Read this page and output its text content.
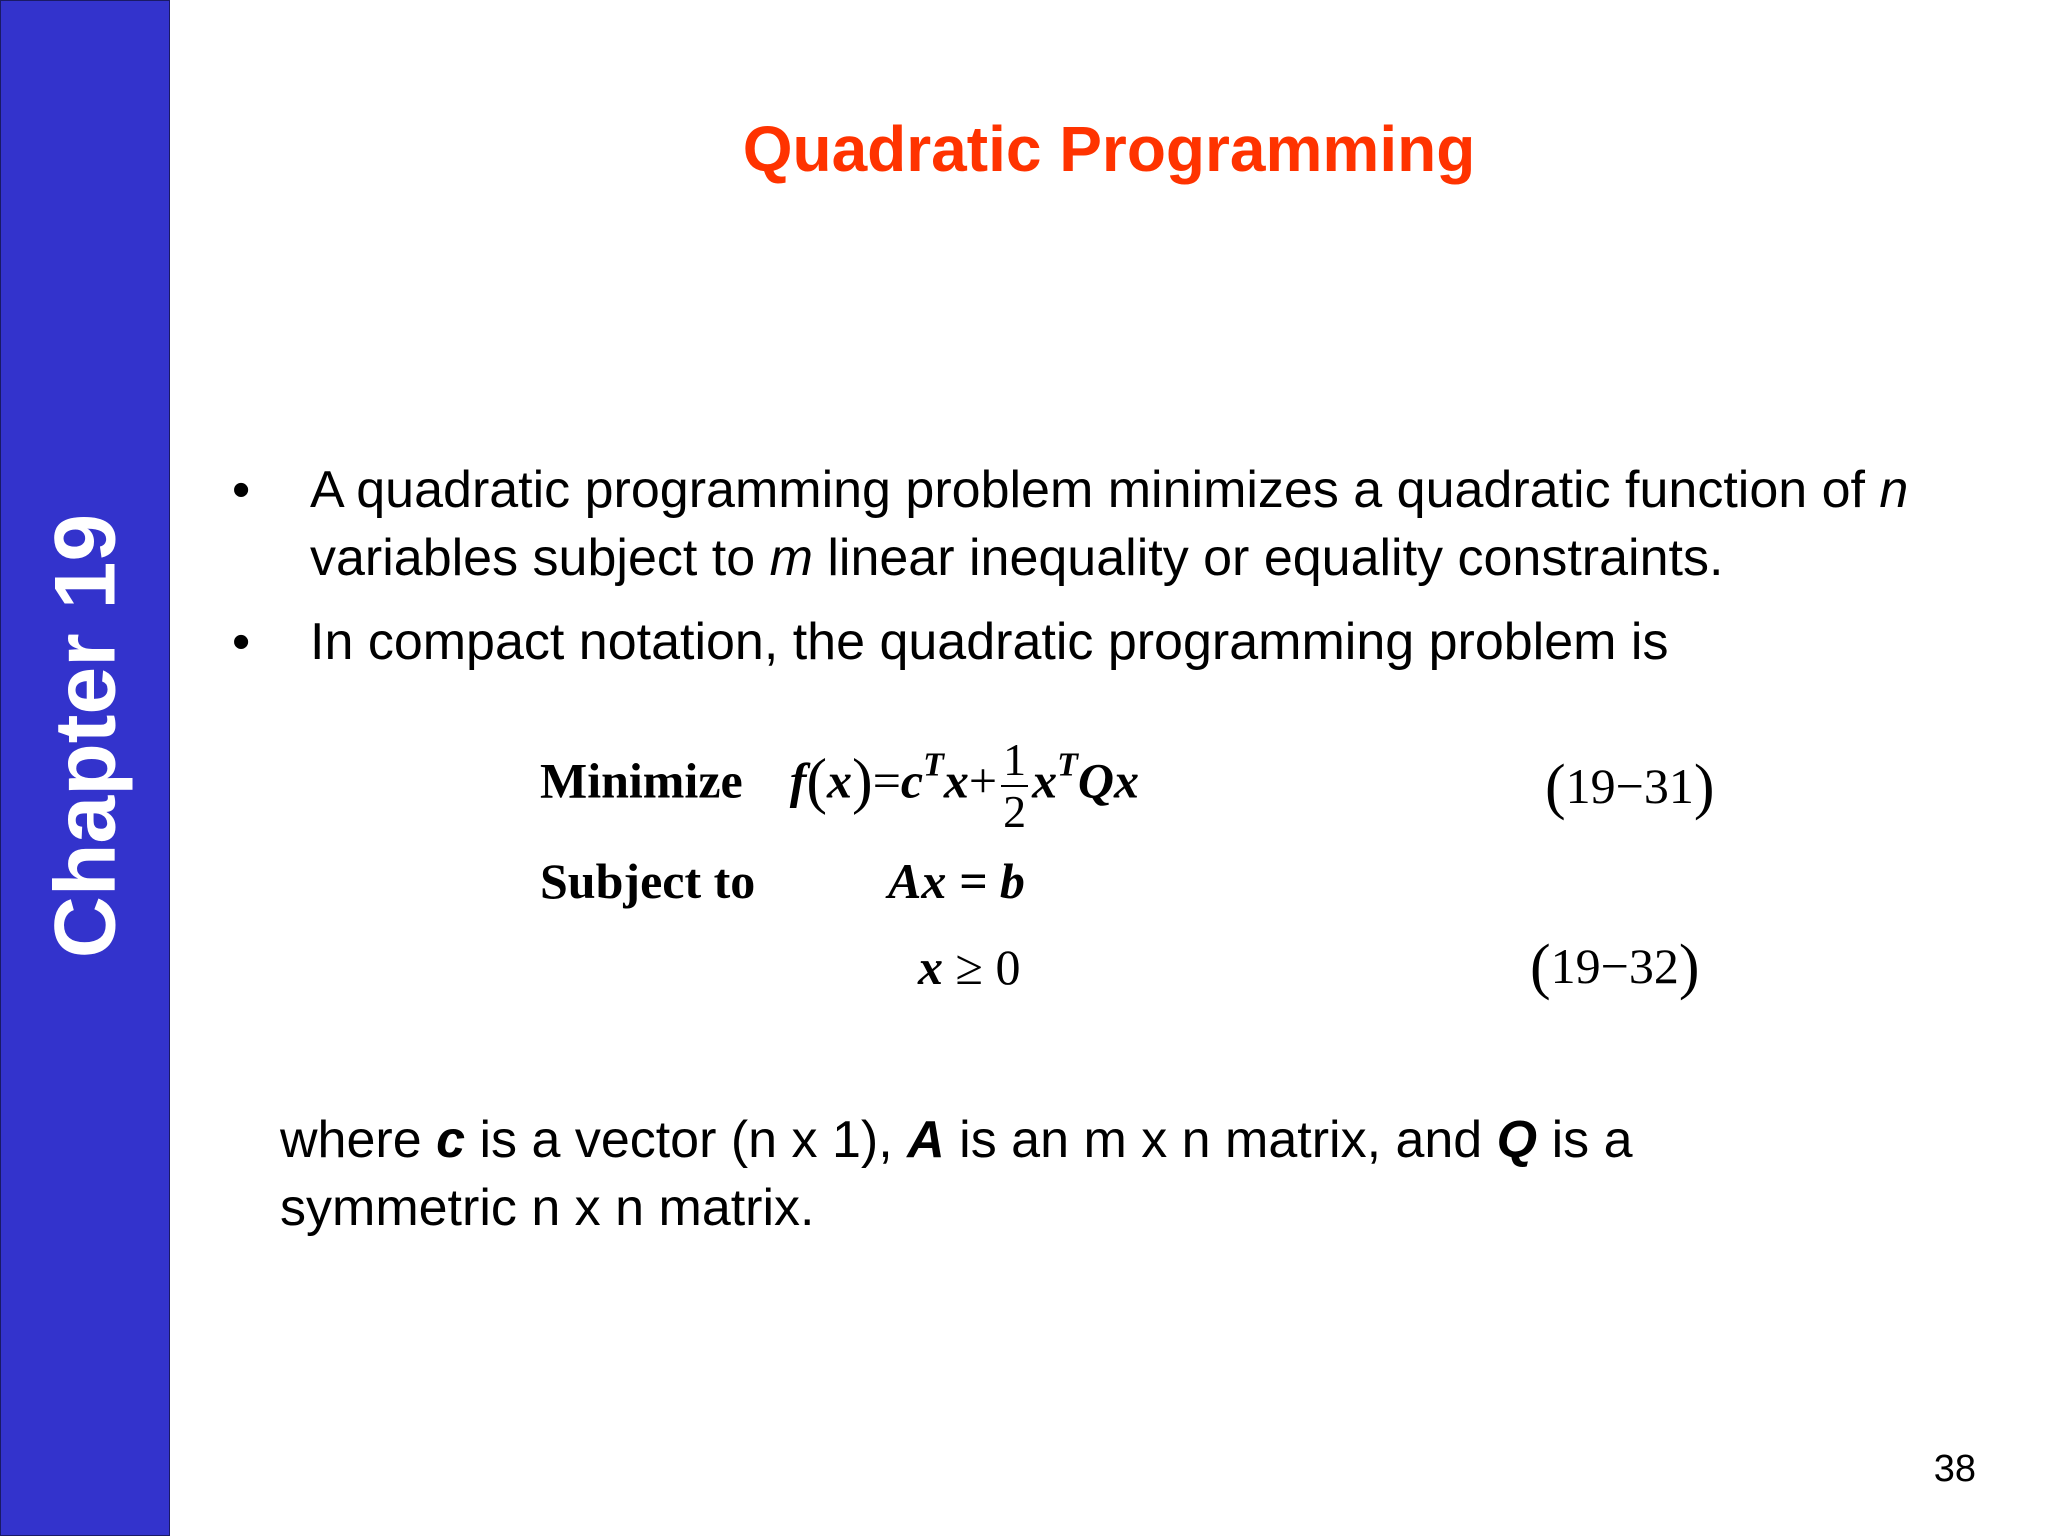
Chapter 19
Quadratic Programming
• A quadratic programming problem minimizes a quadratic function of n variables subject to m linear inequality or equality constraints.
• In compact notation, the quadratic programming problem is
Minimize $f(x)=c^Tx+ \frac{1}{2} x^TQx$	(19−31)
Subject to	Ax = b
x ≥ 0	(19−32)
where c is a vector (n x 1), A is an m x n matrix, and Q is a symmetric n x n matrix.
38
